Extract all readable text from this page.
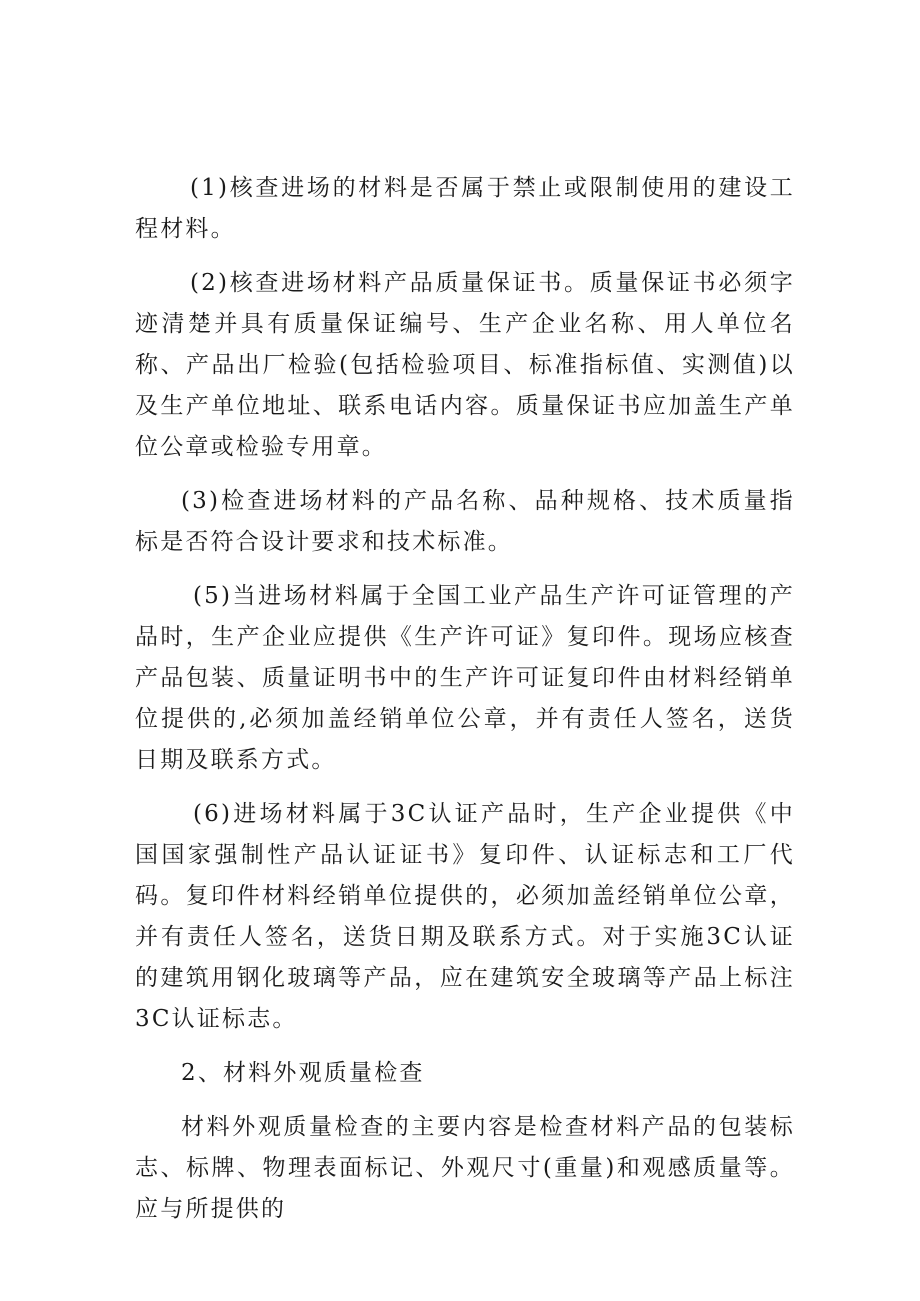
(1)核查进场的材料是否属于禁止或限制使用的建设工程材料。

(2)核查进场材料产品质量保证书。质量保证书必须字迹清楚并具有质量保证编号、生产企业名称、用人单位名称、产品出厂检验(包括检验项目、标准指标值、实测值)以及生产单位地址、联系电话内容。质量保证书应加盖生产单位公章或检验专用章。

(3)检查进场材料的产品名称、品种规格、技术质量指标是否符合设计要求和技术标准。

(5)当进场材料属于全国工业产品生产许可证管理的产品时，生产企业应提供《生产许可证》复印件。现场应核查产品包装、质量证明书中的生产许可证复印件由材料经销单位提供的,必须加盖经销单位公章，并有责任人签名，送货日期及联系方式。

(6)进场材料属于3C认证产品时，生产企业提供《中国国家强制性产品认证证书》复印件、认证标志和工厂代码。复印件材料经销单位提供的，必须加盖经销单位公章，并有责任人签名，送货日期及联系方式。对于实施3C认证的建筑用钢化玻璃等产品，应在建筑安全玻璃等产品上标注3C认证标志。

2、材料外观质量检查

材料外观质量检查的主要内容是检查材料产品的包装标志、标牌、物理表面标记、外观尺寸(重量)和观感质量等。应与所提供的
